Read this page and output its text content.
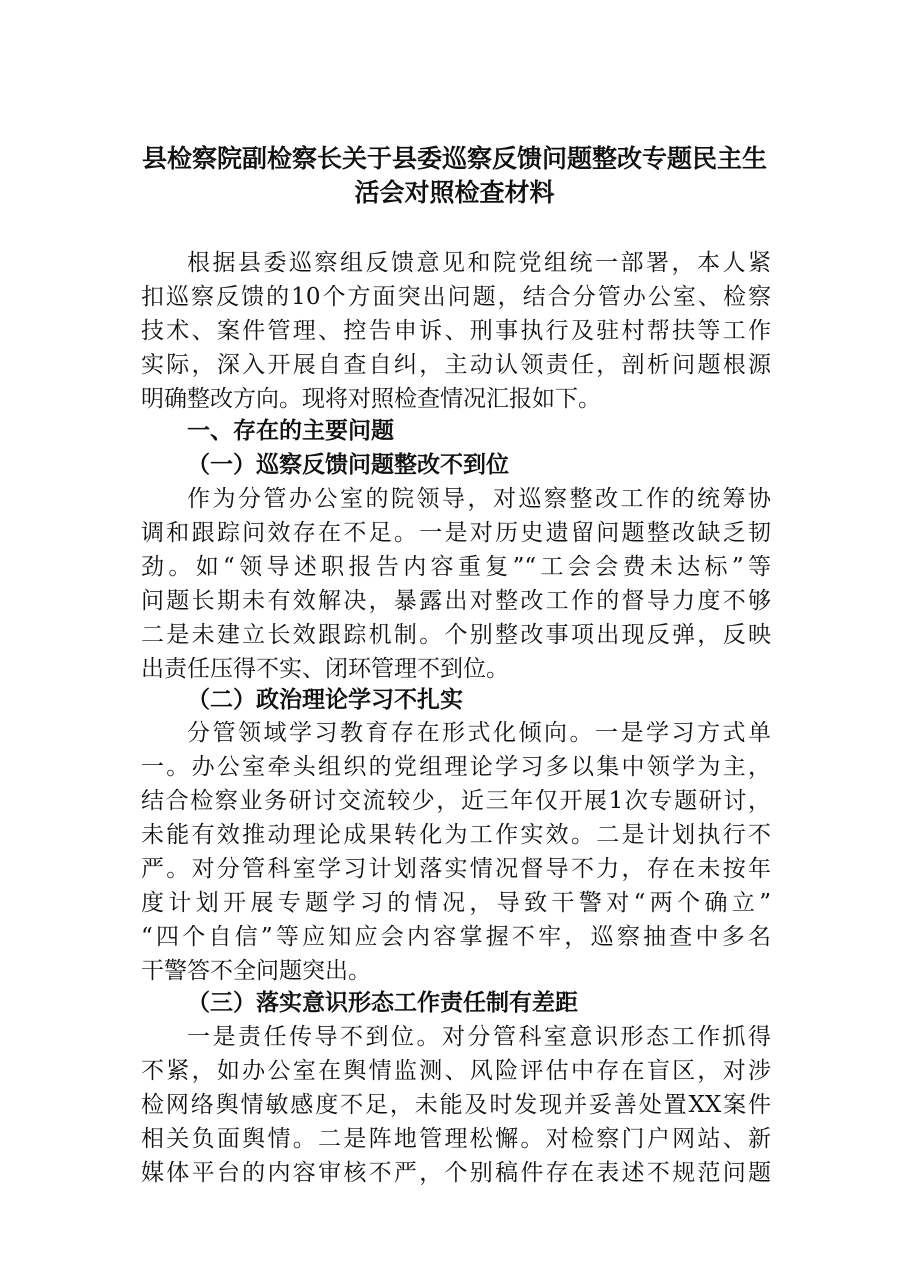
县检察院副检察长关于县委巡察反馈问题整改专题民主生
活会对照检查材料
根据县委巡察组反馈意见和院党组统一部署，本人紧
扣巡察反馈的10个方面突出问题，结合分管办公室、检察
技术、案件管理、控告申诉、刑事执行及驻村帮扶等工作
实际，深入开展自查自纠，主动认领责任，剖析问题根源
明确整改方向。现将对照检查情况汇报如下。
一、存在的主要问题
（一）巡察反馈问题整改不到位
作为分管办公室的院领导，对巡察整改工作的统筹协
调和跟踪问效存在不足。一是对历史遗留问题整改缺乏韧
劲。如“领导述职报告内容重复”“工会会费未达标”等
问题长期未有效解决，暴露出对整改工作的督导力度不够
二是未建立长效跟踪机制。个别整改事项出现反弹，反映
出责任压得不实、闭环管理不到位。
（二）政治理论学习不扎实
分管领域学习教育存在形式化倾向。一是学习方式单
一。办公室牵头组织的党组理论学习多以集中领学为主，
结合检察业务研讨交流较少，近三年仅开展1次专题研讨，
未能有效推动理论成果转化为工作实效。二是计划执行不
严。对分管科室学习计划落实情况督导不力，存在未按年
度计划开展专题学习的情况，导致干警对“两个确立”
“四个自信”等应知应会内容掌握不牢，巡察抽查中多名
干警答不全问题突出。
（三）落实意识形态工作责任制有差距
一是责任传导不到位。对分管科室意识形态工作抓得
不紧，如办公室在舆情监测、风险评估中存在盲区，对涉
检网络舆情敏感度不足，未能及时发现并妥善处置XX案件
相关负面舆情。二是阵地管理松懈。对检察门户网站、新
媒体平台的内容审核不严，个别稿件存在表述不规范问题
